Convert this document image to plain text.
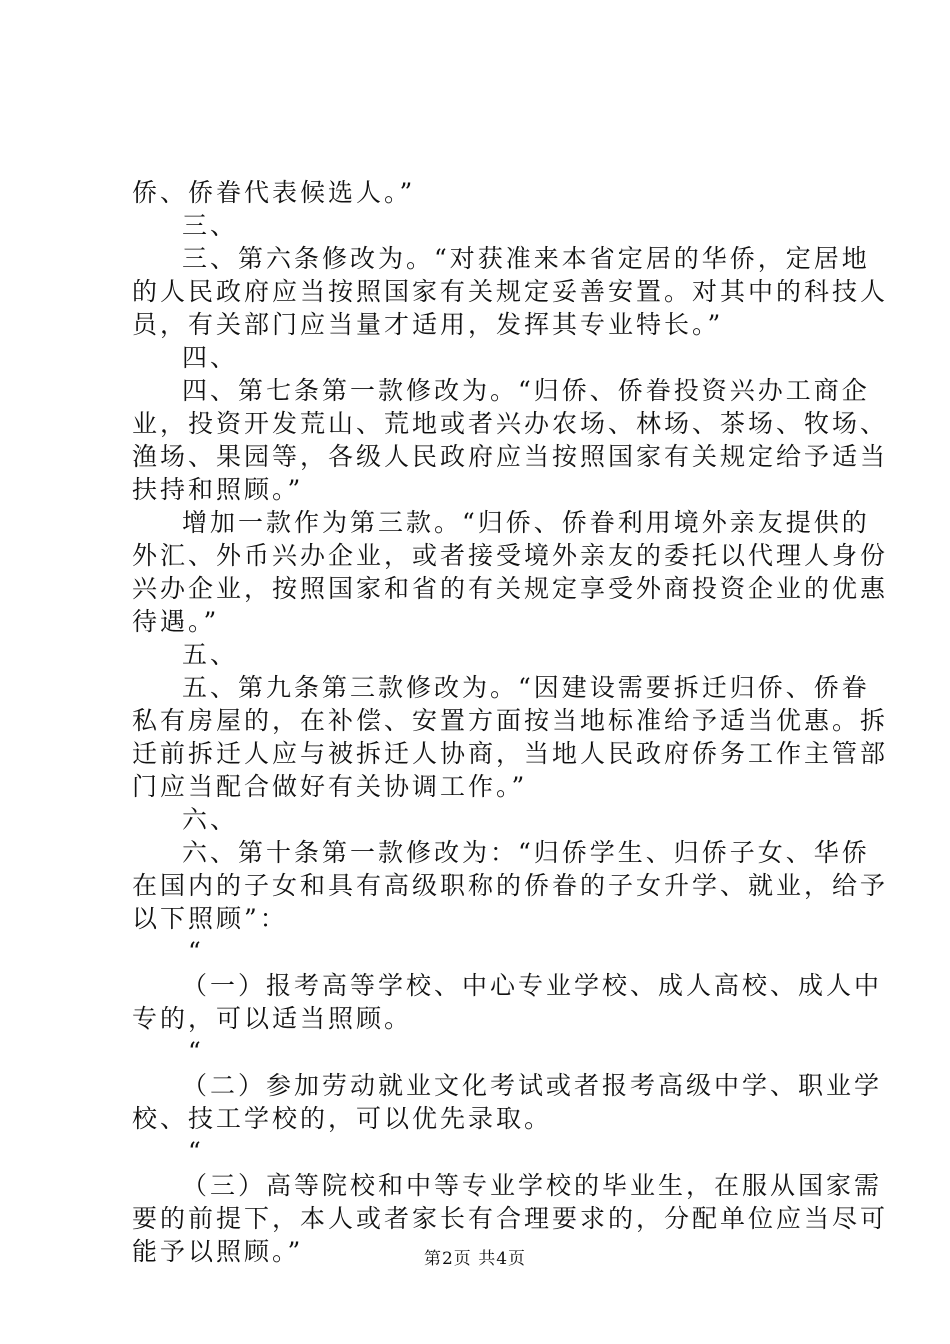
侨、侨眷代表候选人。”
三、
三、第六条修改为。“对获准来本省定居的华侨，定居地
的人民政府应当按照国家有关规定妥善安置。对其中的科技人
员，有关部门应当量才适用，发挥其专业特长。”
四、
四、第七条第一款修改为。“归侨、侨眷投资兴办工商企
业，投资开发荒山、荒地或者兴办农场、林场、茶场、牧场、
渔场、果园等，各级人民政府应当按照国家有关规定给予适当
扶持和照顾。”
增加一款作为第三款。“归侨、侨眷利用境外亲友提供的
外汇、外币兴办企业，或者接受境外亲友的委托以代理人身份
兴办企业，按照国家和省的有关规定享受外商投资企业的优惠
待遇。”
五、
五、第九条第三款修改为。“因建设需要拆迁归侨、侨眷
私有房屋的，在补偿、安置方面按当地标准给予适当优惠。拆
迁前拆迁人应与被拆迁人协商，当地人民政府侨务工作主管部
门应当配合做好有关协调工作。”
六、
六、第十条第一款修改为：“归侨学生、归侨子女、华侨
在国内的子女和具有高级职称的侨眷的子女升学、就业，给予
以下照顾”：
“
（一）报考高等学校、中心专业学校、成人高校、成人中
专的，可以适当照顾。
“
（二）参加劳动就业文化考试或者报考高级中学、职业学
校、技工学校的，可以优先录取。
“
（三）高等院校和中等专业学校的毕业生，在服从国家需
要的前提下，本人或者家长有合理要求的，分配单位应当尽可
能予以照顾。”	第2页 共4页
